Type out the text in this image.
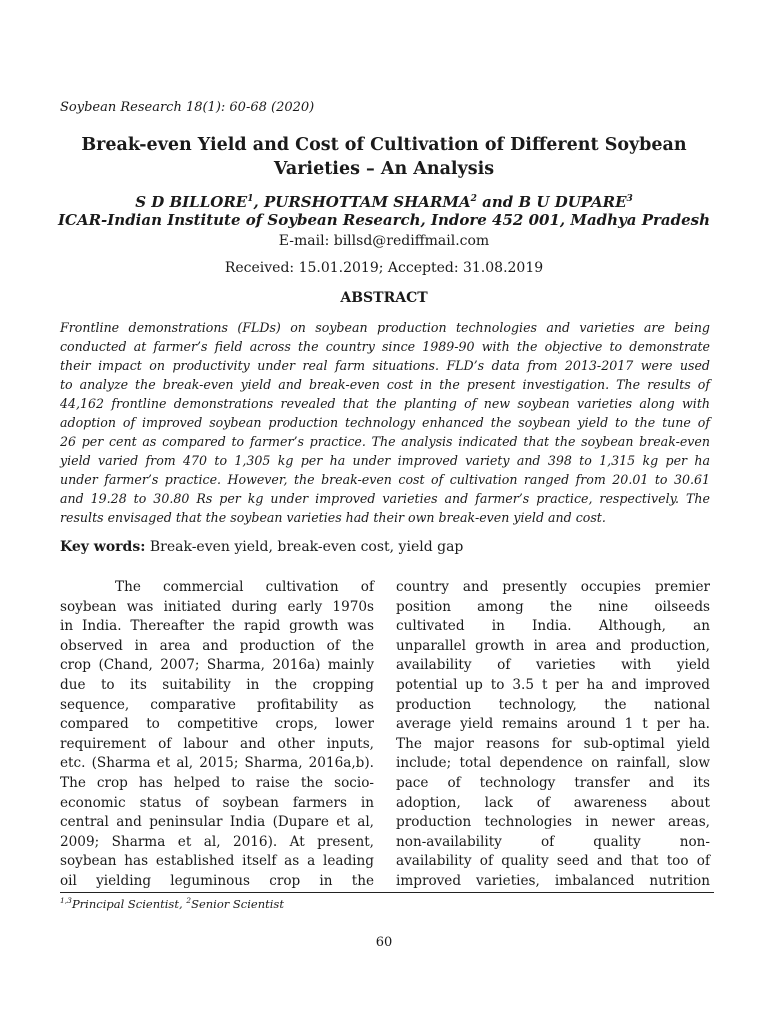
Soybean Research 18(1): 60-68 (2020)
Break-even Yield and Cost of Cultivation of Different Soybean
Varieties – An Analysis
S D BILLORE$^1$, PURSHOTTAM SHARMA$^2$ and B U DUPARE$^3$
ICAR-Indian Institute of Soybean Research, Indore 452 001, Madhya Pradesh
E-mail: billsd@rediffmail.com
Received: 15.01.2019; Accepted: 31.08.2019
ABSTRACT
Frontline demonstrations (FLDs) on soybean production technologies and varieties are being
conducted at farmer’s field across the country since 1989-90 with the objective to demonstrate
their impact on productivity under real farm situations. FLD’s data from 2013-2017 were used
to analyze the break-even yield and break-even cost in the present investigation. The results of
44,162 frontline demonstrations revealed that the planting of new soybean varieties along with
adoption of improved soybean production technology enhanced the soybean yield to the tune of
26 per cent as compared to farmer’s practice. The analysis indicated that the soybean break-even
yield varied from 470 to 1,305 kg per ha under improved variety and 398 to 1,315 kg per ha
under farmer’s practice. However, the break-even cost of cultivation ranged from 20.01 to 30.61
and 19.28 to 30.80 Rs per kg under improved varieties and farmer’s practice, respectively. The
results envisaged that the soybean varieties had their own break-even yield and cost.
Key words: Break-even yield, break-even cost, yield gap
The commercial cultivation of
soybean was initiated during early 1970s
in India. Thereafter the rapid growth was
observed in area and production of the
crop (Chand, 2007; Sharma, 2016a) mainly
due to its suitability in the cropping
sequence, comparative profitability as
compared to competitive crops, lower
requirement of labour and other inputs,
etc. (Sharma et al, 2015; Sharma, 2016a,b).
The crop has helped to raise the socio-
economic status of soybean farmers in
central and peninsular India (Dupare et al,
2009; Sharma et al, 2016). At present,
soybean has established itself as a leading
oil yielding leguminous crop in the
country and presently occupies premier
position among the nine oilseeds
cultivated in India. Although, an
unparallel growth in area and production,
availability of varieties with yield
potential up to 3.5 t per ha and improved
production technology, the national
average yield remains around 1 t per ha.
The major reasons for sub-optimal yield
include; total dependence on rainfall, slow
pace of technology transfer and its
adoption, lack of awareness about
production technologies in newer areas,
non-availability of quality non-
availability of quality seed and that too of
improved varieties, imbalanced nutrition
$^{1,3}$Principal Scientist, $^2$Senior Scientist
60
